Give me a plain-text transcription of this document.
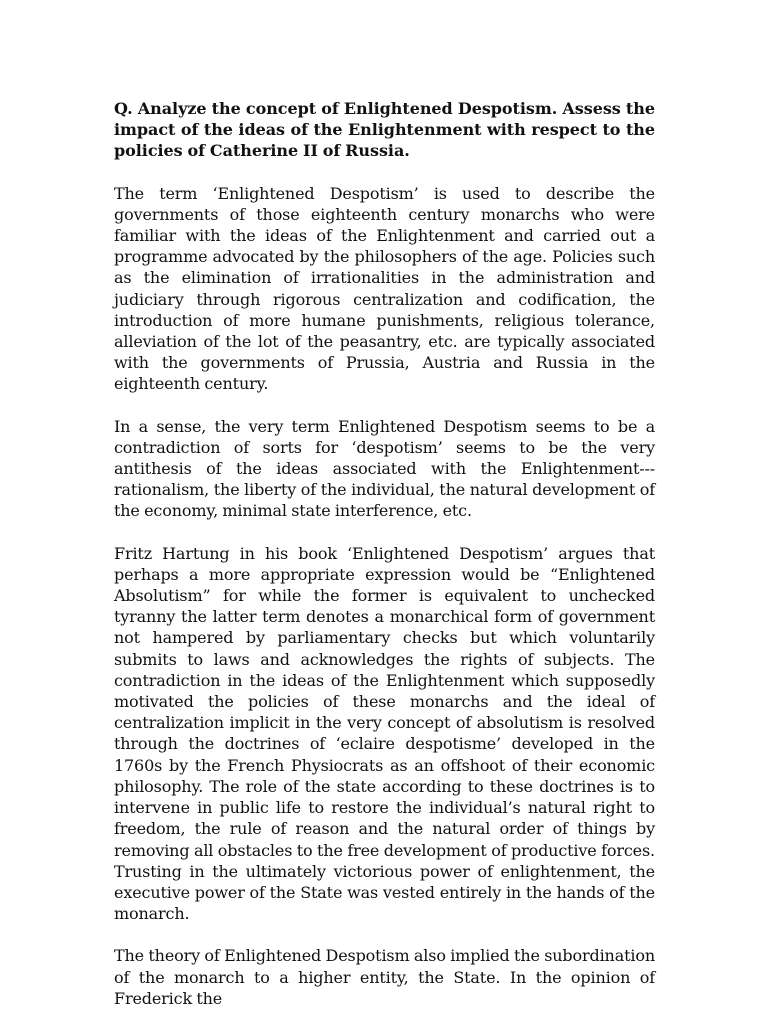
Q. Analyze the concept of Enlightened Despotism. Assess the impact of the ideas of the Enlightenment with respect to the policies of Catherine II of Russia.

The term ‘Enlightened Despotism’ is used to describe the governments of those eighteenth century monarchs who were familiar with the ideas of the Enlightenment and carried out a programme advocated by the philosophers of the age. Policies such as the elimination of irrationalities in the administration and judiciary through rigorous centralization and codification, the introduction of more humane punishments, religious tolerance, alleviation of the lot of the peasantry, etc. are typically associated with the governments of Prussia, Austria and Russia in the eighteenth century.

In a sense, the very term Enlightened Despotism seems to be a contradiction of sorts for ‘despotism’ seems to be the very antithesis of the ideas associated with the Enlightenment---rationalism, the liberty of the individual, the natural development of the economy, minimal state interference, etc.

Fritz Hartung in his book ‘Enlightened Despotism’ argues that perhaps a more appropriate expression would be “Enlightened Absolutism” for while the former is equivalent to unchecked tyranny the latter term denotes a monarchical form of government not hampered by parliamentary checks but which voluntarily submits to laws and acknowledges the rights of subjects. The contradiction in the ideas of the Enlightenment which supposedly motivated the policies of these monarchs and the ideal of centralization implicit in the very concept of absolutism is resolved through the doctrines of ‘eclaire despotisme’ developed in the 1760s by the French Physiocrats as an offshoot of their economic philosophy. The role of the state according to these doctrines is to intervene in public life to restore the individual’s natural right to freedom, the rule of reason and the natural order of things by removing all obstacles to the free development of productive forces. Trusting in the ultimately victorious power of enlightenment, the executive power of the State was vested entirely in the hands of the monarch.

The theory of Enlightened Despotism also implied the subordination of the monarch to a higher entity, the State. In the opinion of Frederick the
